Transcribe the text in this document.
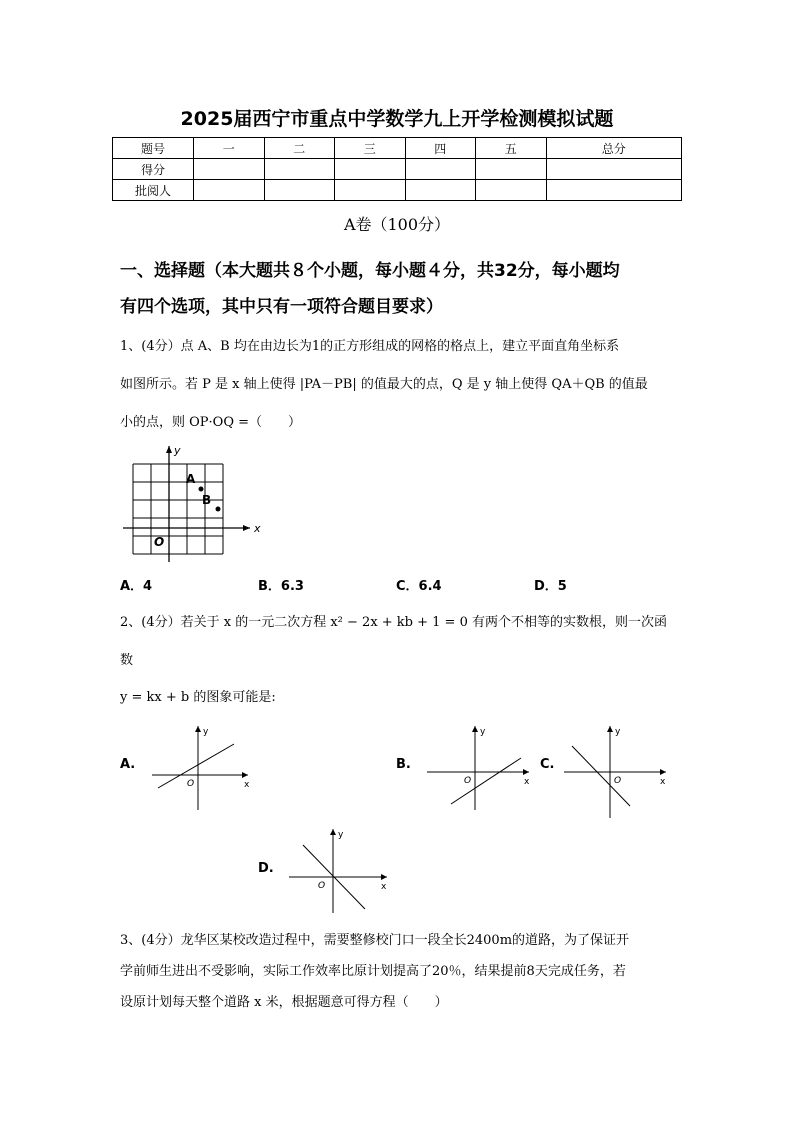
2025届西宁市重点中学数学九上开学检测模拟试题
题号	一	二	三	四	五	总分
得分						
批阅人						
A卷（100分）
一、选择题（本大题共８个小题，每小题４分，共32分，每小题均
有四个选项，其中只有一项符合题目要求）
1、(4分）点 A、B 均在由边长为1的正方形组成的网格的格点上，建立平面直角坐标系
如图所示。若 P 是 x 轴上使得 |PA－PB| 的值最大的点，Q 是 y 轴上使得 QA＋QB 的值最
小的点，则 OP·OQ =（　　）
y
x
A
B
O
A．4	B．6.3	C．6.4	D．5
2、(4分）若关于 x 的一元二次方程 x² − 2x + kb + 1 = 0 有两个不相等的实数根，则一次函
数
y = kx + b 的图象可能是:
A.
y
x
O
B.
y
x
O
C.
y
x
O
D.
y
x
O
3、(4分）龙华区某校改造过程中，需要整修校门口一段全长2400m的道路，为了保证开
学前师生进出不受影响，实际工作效率比原计划提高了20％，结果提前8天完成任务，若
设原计划每天整个道路 x 米，根据题意可得方程（　　）
